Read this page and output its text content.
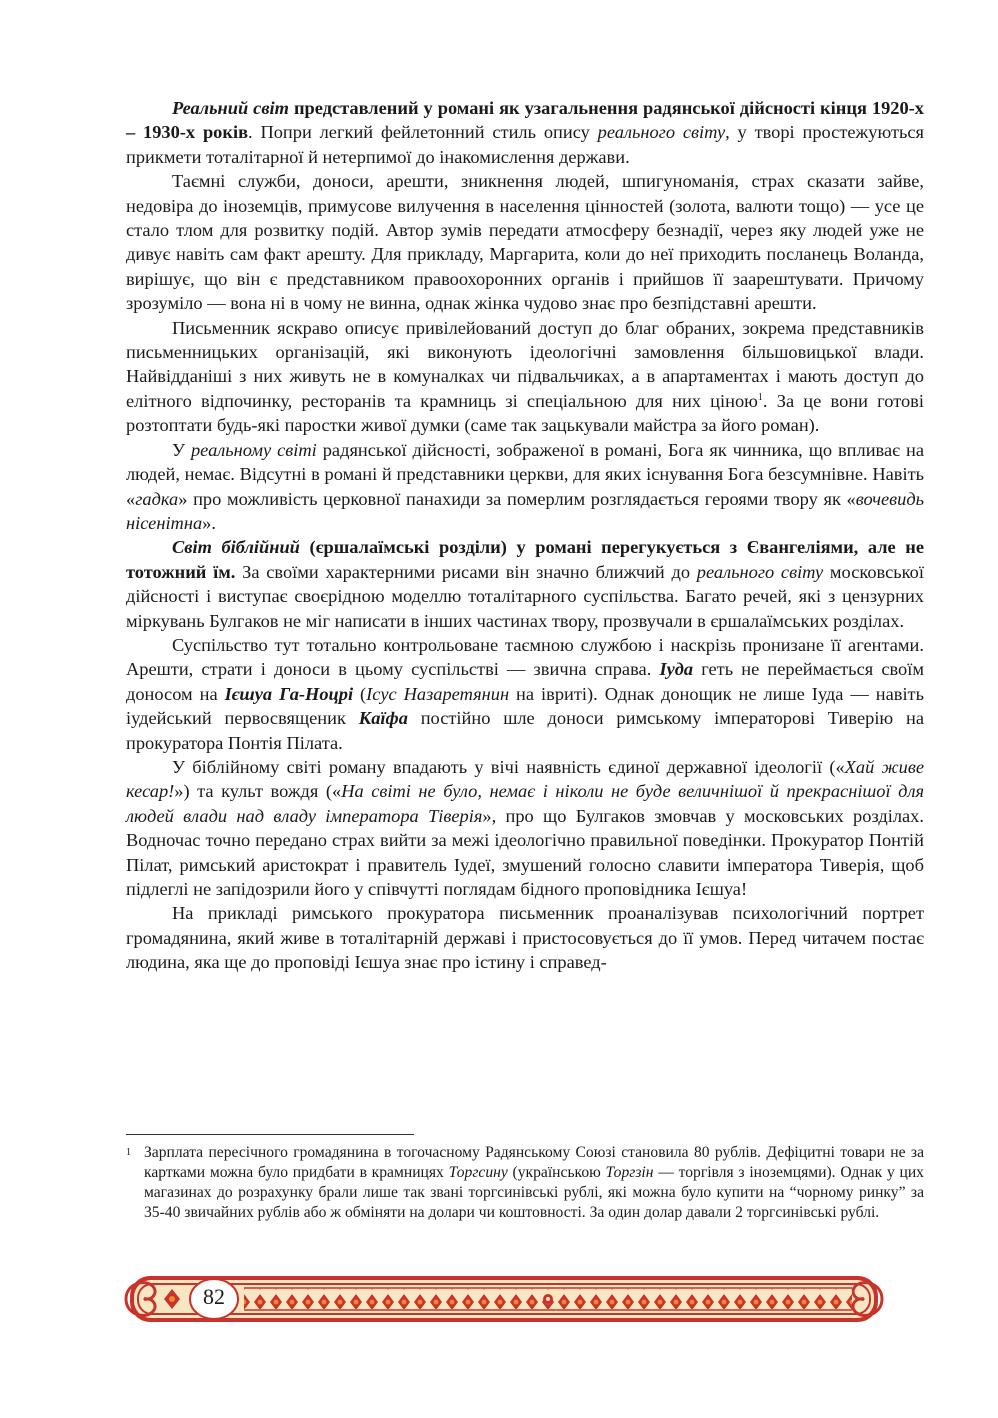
Реальний світ представлений у романі як узагальнення радянської дійсності кінця 1920-х – 1930-х років. Попри легкий фейлетонний стиль опису реального світу, у творі простежуються прикмети тоталітарної й нетерпимої до інакомислення держави.

Таємні служби, доноси, арешти, зникнення людей, шпигуноманія, страх сказати зайве, недовіра до іноземців, примусове вилучення в населення цінностей (золота, валюти тощо) — усе це стало тлом для розвитку подій. Автор зумів передати атмосферу безнадії, через яку людей уже не дивує навіть сам факт арешту. Для прикладу, Маргарита, коли до неї приходить посланець Воланда, вирішує, що він є представником правоохоронних органів і прийшов її заарештувати. Причому зрозуміло — вона ні в чому не винна, однак жінка чудово знає про безпідставні арешти.

Письменник яскраво описує привілейований доступ до благ обраних, зокрема представників письменницьких організацій, які виконують ідеологічні замовлення більшовицької влади. Найвідданіші з них живуть не в комуналках чи підвальчиках, а в апартаментах і мають доступ до елітного відпочинку, ресторанів та крамниць зі спеціальною для них ціною$^1$. За це вони готові розтоптати будь-які паростки живої думки (саме так зацькували майстра за його роман).

У реальному світі радянської дійсності, зображеної в романі, Бога як чинника, що впливає на людей, немає. Відсутні в романі й представники церкви, для яких існування Бога безсумнівне. Навіть «гадка» про можливість церковної панахиди за померлим розглядається героями твору як «вочевидь нісенітна».

Світ біблійний (єршалаїмські розділи) у романі перегукується з Євангеліями, але не тотожний їм. За своїми характерними рисами він значно ближчий до реального світу московської дійсності і виступає своєрідною моделлю тоталітарного суспільства. Багато речей, які з цензурних міркувань Булгаков не міг написати в інших частинах твору, прозвучали в єршалаїмських розділах.

Суспільство тут тотально контрольоване таємною службою і наскрізь пронизане її агентами. Арешти, страти і доноси в цьому суспільстві — звична справа. Іуда геть не переймається своїм доносом на Ієшуа Га-Ноцрі (Ісус Назаретянин на івриті). Однак донощик не лише Іуда — навіть іудейський первосвященик Каїфа постійно шле доноси римському імператорові Тиверію на прокуратора Понтія Пілата.

У біблійному світі роману впадають у вічі наявність єдиної державної ідеології («Хай живе кесар!») та культ вождя («На світі не було, немає і ніколи не буде величнішої й прекраснішої для людей влади над владу імператора Тіверія», про що Булгаков змовчав у московських розділах. Водночас точно передано страх вийти за межі ідеологічно правильної поведінки. Прокуратор Понтій Пілат, римський аристократ і правитель Іудеї, змушений голосно славити імператора Тиверія, щоб підлеглі не запідозрили його у співчутті поглядам бідного проповідника Ієшуа!

На прикладі римського прокуратора письменник проаналізував психологічний портрет громадянина, який живе в тоталітарній державі і пристосовується до її умов. Перед читачем постає людина, яка ще до проповіді Ієшуа знає про істину і справед-

1 Зарплата пересічного громадянина в тогочасному Радянському Союзі становила 80 рублів. Дефіцитні товари не за картками можна було придбати в крамницях Торгсину (українською Торгзін — торгівля з іноземцями). Однак у цих магазинах до розрахунку брали лише так звані торгсинівські рублі, які можна було купити на “чорному ринку” за 35-40 звичайних рублів або ж обміняти на долари чи коштовності. За один долар давали 2 торгсинівські рублі.
82
